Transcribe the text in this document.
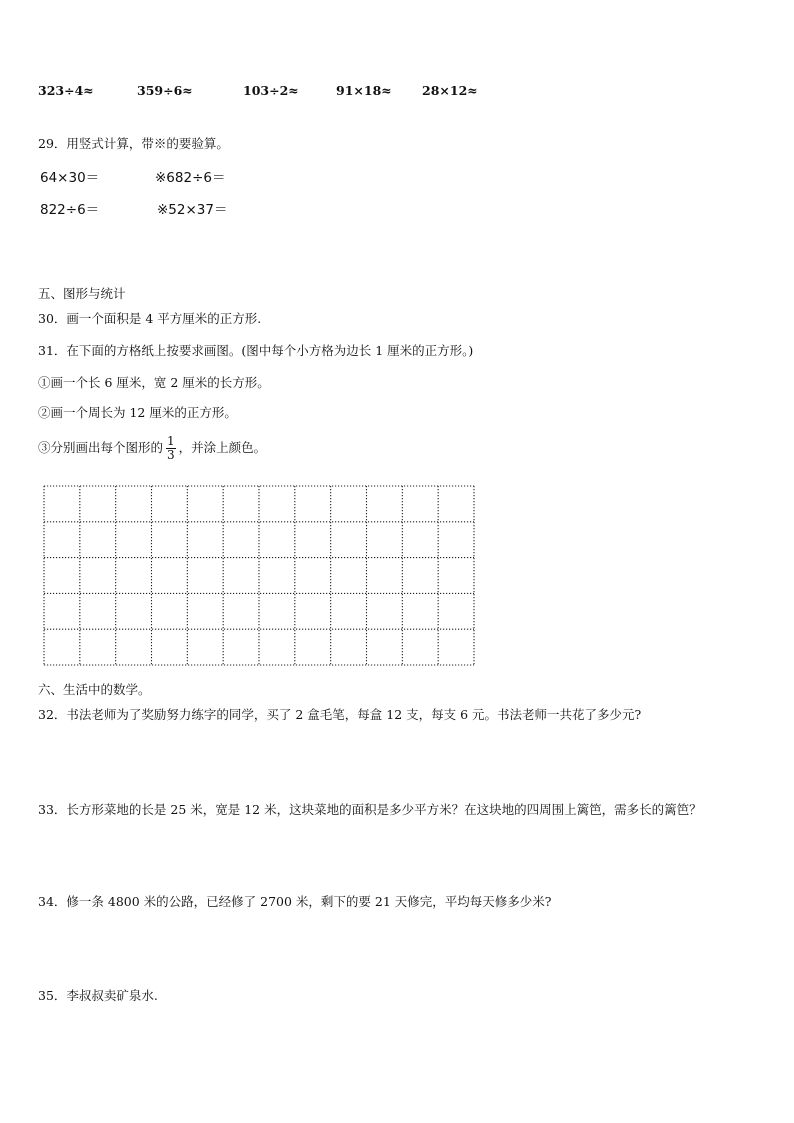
323÷4≈	359÷6≈	103÷2≈	91×18≈ 28×12≈
29．用竖式计算，带※的要验算。
64×30＝	※682÷6＝
822÷6＝	※52×37＝
五、图形与统计
30．画一个面积是 4 平方厘米的正方形.
31．在下面的方格纸上按要求画图。(图中每个小方格为边长 1 厘米的正方形。)
①画一个长 6 厘米，宽 2 厘米的长方形。
②画一个周长为 12 厘米的正方形。
③分别画出每个图形的 $\frac{1}{3}$ ，并涂上颜色。
六、生活中的数学。
32．书法老师为了奖励努力练字的同学，买了 2 盒毛笔，每盒 12 支，每支 6 元。书法老师一共花了多少元?
33．长方形菜地的长是 25 米，宽是 12 米，这块菜地的面积是多少平方米？在这块地的四周围上篱笆，需多长的篱笆？
34．修一条 4800 米的公路，已经修了 2700 米，剩下的要 21 天修完，平均每天修多少米?
35．李叔叔卖矿泉水.
